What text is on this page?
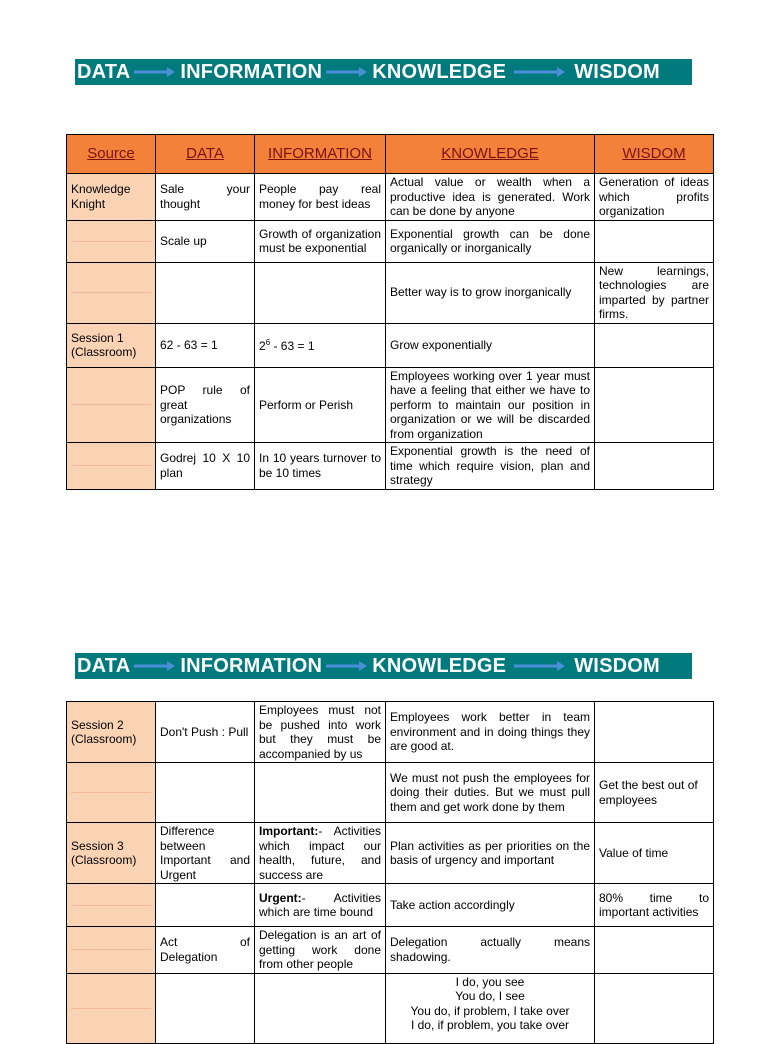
DATA	INFORMATION	KNOWLEDGE	WISDOM
Source	DATA	INFORMATION	KNOWLEDGE	WISDOM
Knowledge Knight	Sale your thought	People pay real money for best ideas	Actual value or wealth when a productive idea is generated. Work can be done by anyone	Generation of ideas which profits organization

	Scale up	Growth of organization must be exponential	Exponential growth can be done organically or inorganically	

			Better way is to grow inorganically	New learnings, technologies are imparted by partner firms.
Session 1 (Classroom)	62 - 63 = 1	$2^6 - 63 = 1$	Grow exponentially	

	POP rule of great organizations	Perform or Perish	Employees working over 1 year must have a feeling that either we have to perform to maintain our position in organization or we will be discarded from organization	

	Godrej 10 X 10 plan	In 10 years turnover to be 10 times	Exponential growth is the need of time which require vision, plan and strategy	
DATA	INFORMATION	KNOWLEDGE	WISDOM
Session 2 (Classroom)	Don't Push : Pull	Employees must not be pushed into work but they must be accompanied by us	Employees work better in team environment and in doing things they are good at.	

			We must not push the employees for doing their duties. But we must pull them and get work done by them	Get the best out of employees
Session 3 (Classroom)	Difference between Important and Urgent	Important:- Activities which impact our health, future, and success are	Plan activities as per priorities on the basis of urgency and important	Value of time

		Urgent:- Activities which are time bound	Take action accordingly	80% time to important activities

	Act of Delegation	Delegation is an art of getting work done from other people	Delegation actually means shadowing.	

			I do, you see
You do, I see
You do, if problem, I take over
I do, if problem, you take over	
